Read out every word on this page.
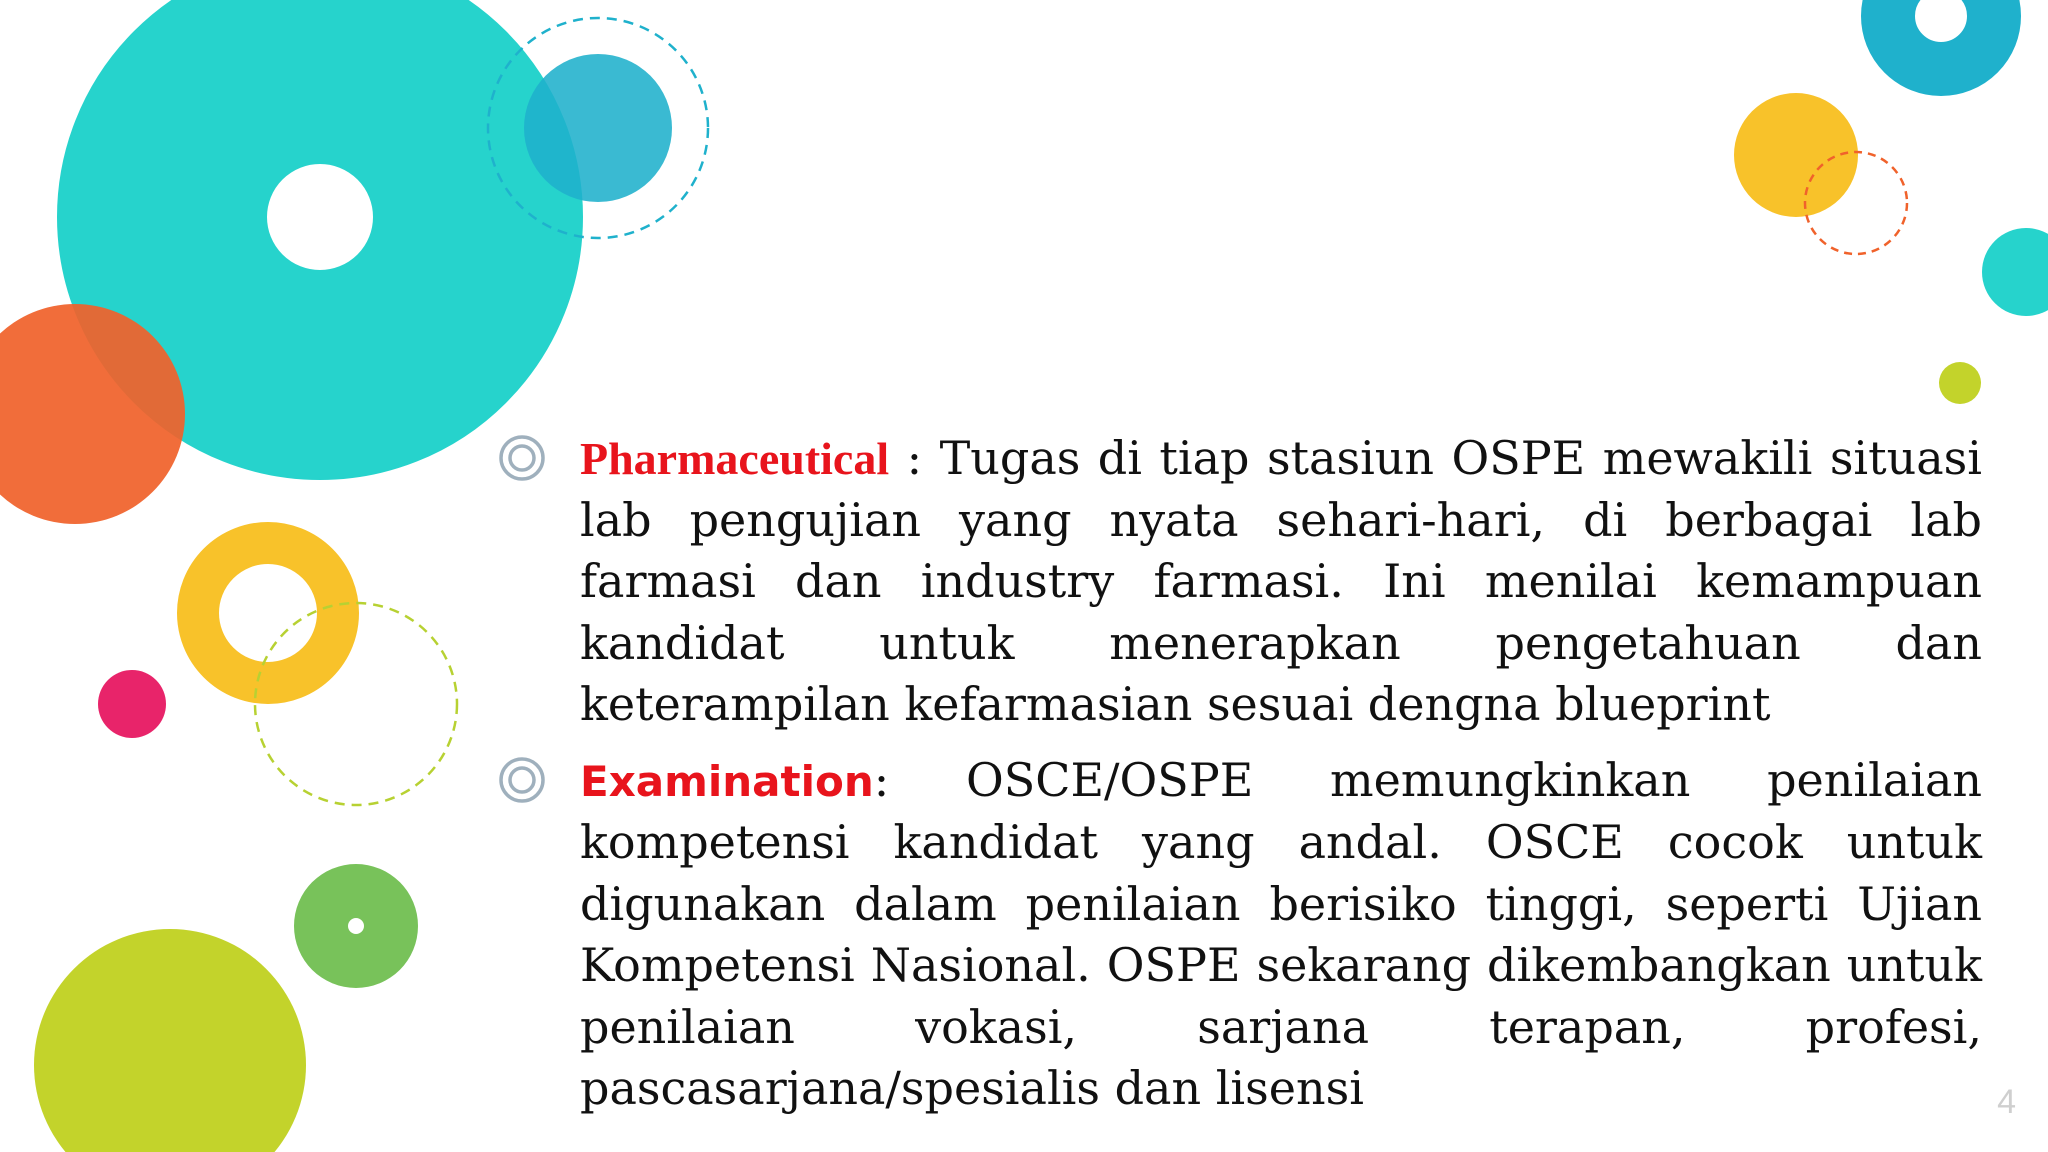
Pharmaceutical : Tugas di tiap stasiun OSPE mewakili situasi lab pengujian yang nyata sehari-hari, di berbagai lab farmasi dan industry farmasi. Ini menilai kemampuan kandidat untuk menerapkan pengetahuan dan keterampilan kefarmasian sesuai dengna blueprint
Examination: OSCE/OSPE memungkinkan penilaian kompetensi kandidat yang andal. OSCE cocok untuk digunakan dalam penilaian berisiko tinggi, seperti Ujian Kompetensi Nasional. OSPE sekarang dikembangkan untuk penilaian vokasi, sarjana terapan, profesi, pascasarjana/spesialis dan lisensi	4
